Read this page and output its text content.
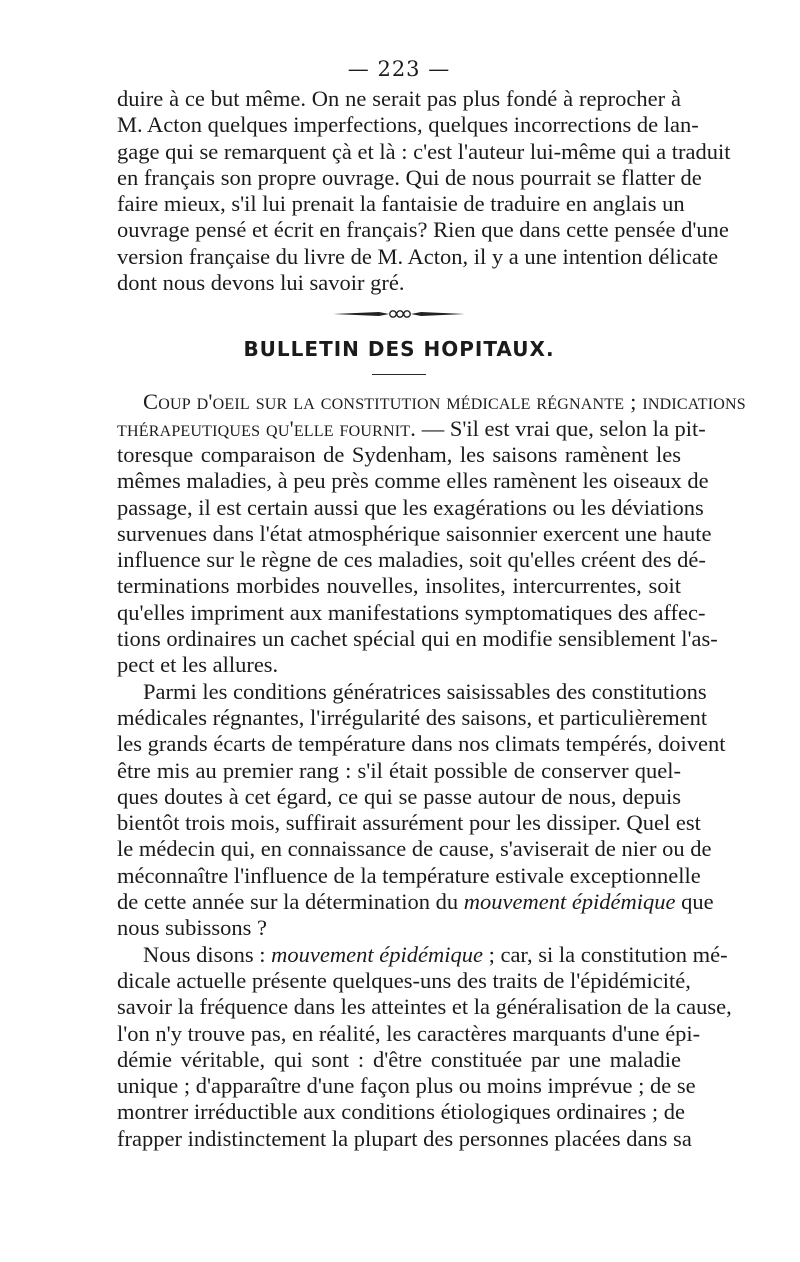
— 223 —

duire à ce but même. On ne serait pas plus fondé à reprocher à
M. Acton quelques imperfections, quelques incorrections de lan-
gage qui se remarquent çà et là : c'est l'auteur lui-même qui a traduit
en français son propre ouvrage. Qui de nous pourrait se flatter de
faire mieux, s'il lui prenait la fantaisie de traduire en anglais un
ouvrage pensé et écrit en français? Rien que dans cette pensée d'une
version française du livre de M. Acton, il y a une intention délicate
dont nous devons lui savoir gré.

BULLETIN DES HOPITAUX.

Coup d'oeil sur la constitution médicale régnante ; indications
thérapeutiques qu'elle fournit. — S'il est vrai que, selon la pit-
toresque comparaison de Sydenham, les saisons ramènent les
mêmes maladies, à peu près comme elles ramènent les oiseaux de
passage, il est certain aussi que les exagérations ou les déviations
survenues dans l'état atmosphérique saisonnier exercent une haute
influence sur le règne de ces maladies, soit qu'elles créent des dé-
terminations morbides nouvelles, insolites, intercurrentes, soit
qu'elles impriment aux manifestations symptomatiques des affec-
tions ordinaires un cachet spécial qui en modifie sensiblement l'as-
pect et les allures.

Parmi les conditions génératrices saisissables des constitutions
médicales régnantes, l'irrégularité des saisons, et particulièrement
les grands écarts de température dans nos climats tempérés, doivent
être mis au premier rang : s'il était possible de conserver quel-
ques doutes à cet égard, ce qui se passe autour de nous, depuis
bientôt trois mois, suffirait assurément pour les dissiper. Quel est
le médecin qui, en connaissance de cause, s'aviserait de nier ou de
méconnaître l'influence de la température estivale exceptionnelle
de cette année sur la détermination du mouvement épidémique que
nous subissons ?

Nous disons : mouvement épidémique ; car, si la constitution mé-
dicale actuelle présente quelques-uns des traits de l'épidémicité,
savoir la fréquence dans les atteintes et la généralisation de la cause,
l'on n'y trouve pas, en réalité, les caractères marquants d'une épi-
démie véritable, qui sont : d'être constituée par une maladie
unique ; d'apparaître d'une façon plus ou moins imprévue ; de se
montrer irréductible aux conditions étiologiques ordinaires ; de
frapper indistinctement la plupart des personnes placées dans sa
